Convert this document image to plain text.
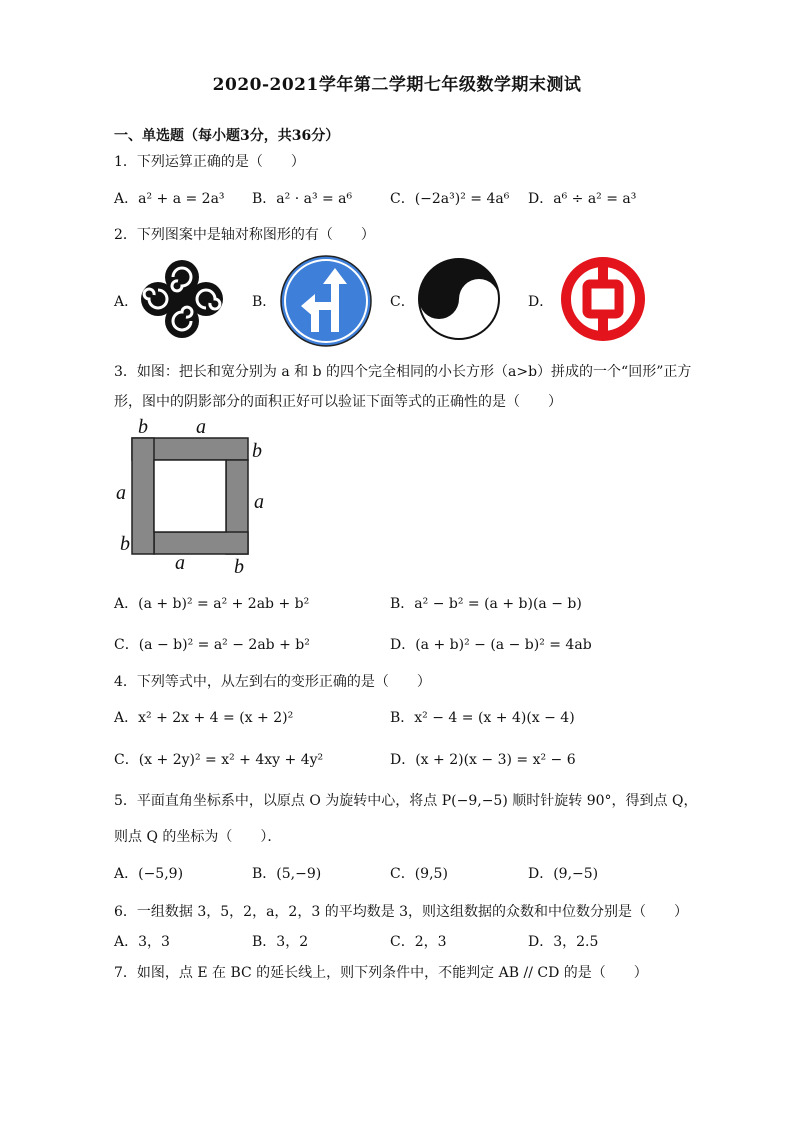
2020-2021学年第二学期七年级数学期末测试
一、单选题（每小题3分，共36分）
1．下列运算正确的是（　　）
A．a² + a = 2a³ B．a² · a³ = a⁶	C．(−2a³)² = 4a⁶ D．a⁶ ÷ a² = a³
2．下列图案中是轴对称图形的有（　　）
A．	B．	C．	D．
3．如图：把长和宽分别为 a 和 b 的四个完全相同的小长方形（a>b）拼成的一个“回形”正方
形，图中的阴影部分的面积正好可以验证下面等式的正确性的是（　　）
b a
b
a	a
b
a b
A．(a + b)² = a² + 2ab + b²	B．a² − b² = (a + b)(a − b)
C．(a − b)² = a² − 2ab + b²	D．(a + b)² − (a − b)² = 4ab
4．下列等式中，从左到右的变形正确的是（　　）
A．x² + 2x + 4 = (x + 2)²	B．x² − 4 = (x + 4)(x − 4)
C．(x + 2y)² = x² + 4xy + 4y²	D．(x + 2)(x − 3) = x² − 6
5．平面直角坐标系中，以原点 O 为旋转中心，将点 P(−9,−5) 顺时针旋转 90°，得到点 Q，
则点 Q 的坐标为（　　）．
A．(−5,9)	B．(5,−9)	C．(9,5)	D．(9,−5)
6．一组数据 3，5，2，a，2，3 的平均数是 3，则这组数据的众数和中位数分别是（　　）
A．3，3	B．3，2	C．2，3	D．3，2.5
7．如图，点 E 在 BC 的延长线上，则下列条件中，不能判定 AB // CD 的是（　　）
